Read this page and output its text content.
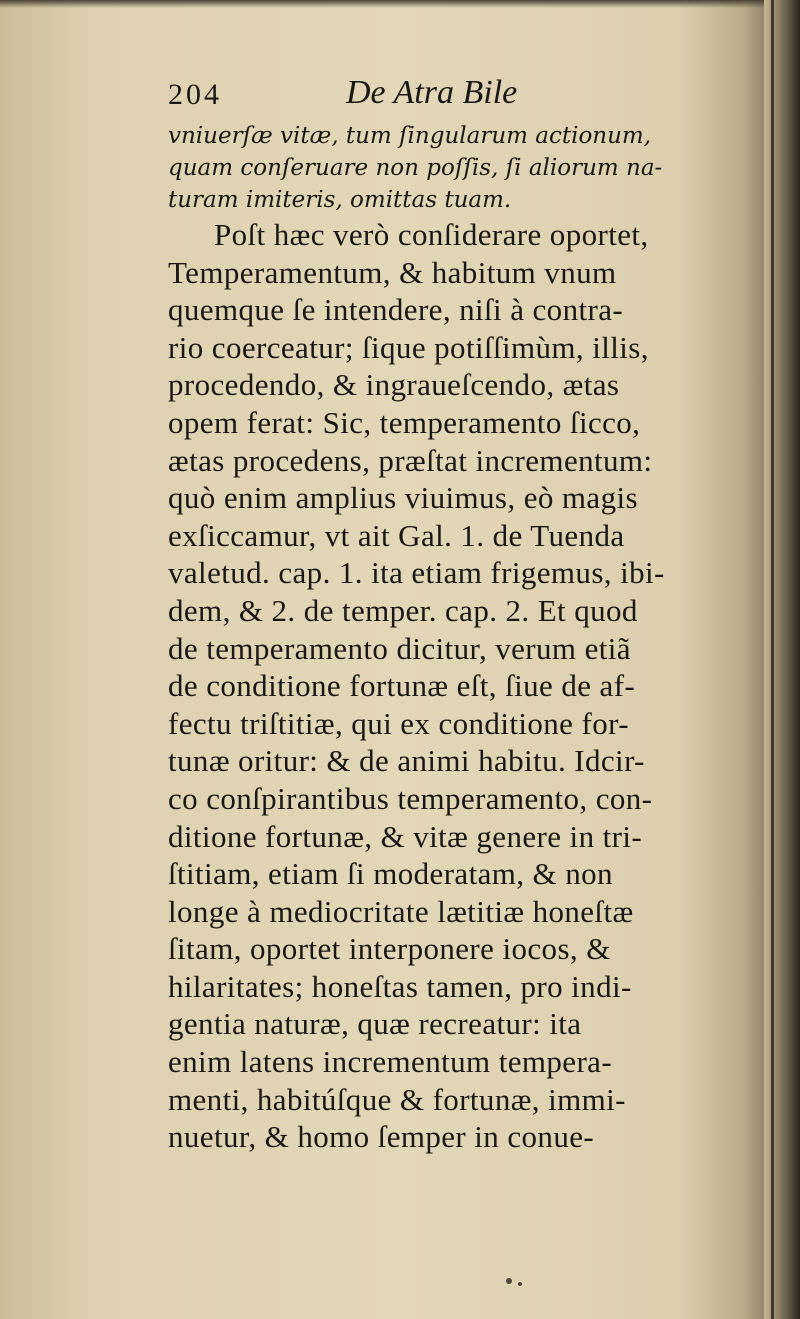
204	De Atra Bile
vniuerſæ vitæ, tum ſingularum actionum,
quam conſeruare non poſſis, ſi aliorum na-
turam imiteris, omittas tuam.
Poſt hæc verò conſiderare oportet,
Temperamentum, & habitum vnum
quemque ſe intendere, niſi à contra-
rio coerceatur; ſique potiſſimùm, illis,
procedendo, & ingraueſcendo, ætas
opem ferat: Sic, temperamento ſicco,
ætas procedens, præſtat incrementum:
quò enim amplius viuimus, eò magis
exſiccamur, vt ait Gal. 1. de Tuenda
valetud. cap. 1. ita etiam frigemus, ibi-
dem, & 2. de temper. cap. 2. Et quod
de temperamento dicitur, verum etiã
de conditione fortunæ eſt, ſiue de af-
fectu triſtitiæ, qui ex conditione for-
tunæ oritur: & de animi habitu. Idcir-
co conſpirantibus temperamento, con-
ditione fortunæ, & vitæ genere in tri-
ſtitiam, etiam ſi moderatam, & non
longe à mediocritate lætitiæ honeſtæ
ſitam, oportet interponere iocos, &
hilaritates; honeſtas tamen, pro indi-
gentia naturæ, quæ recreatur: ita
enim latens incrementum tempera-
menti, habitúſque & fortunæ, immi-
nuetur, & homo ſemper in conue-
